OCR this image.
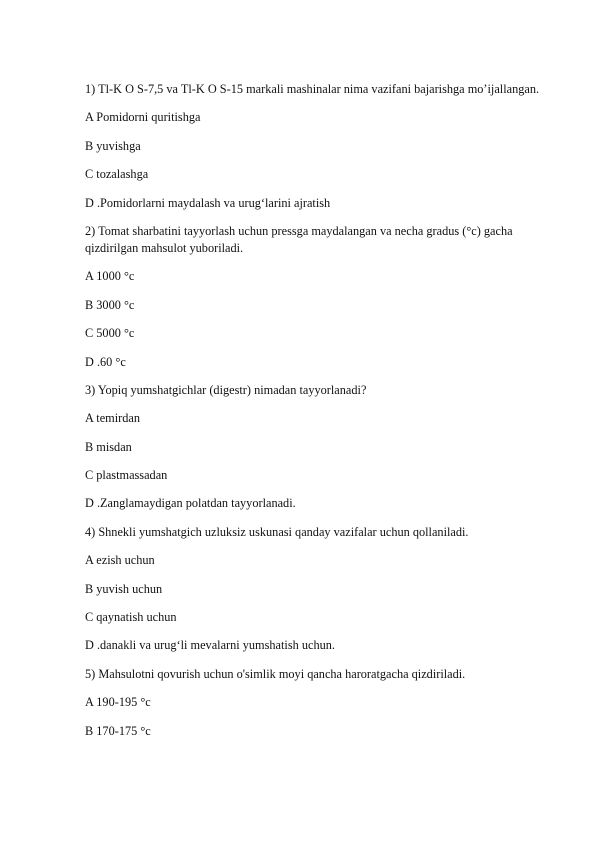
1) Tl-K O S-7,5 va Tl-K O S-15 markali mashinalar nima vazifani bajarishga mo’ijallangan.
A Pomidorni quritishga
B yuvishga
C tozalashga
D .Pomidorlarni maydalash va urug‘larini ajratish
2) Tomat sharbatini tayyorlash uchun pressga maydalangan va necha gradus (°c) gacha qizdirilgan mahsulot yuboriladi.
A 1000 °c
B 3000 °c
C 5000 °c
D .60 °c
3) Yopiq yumshatgichlar (digestr) nimadan tayyorlanadi?
A temirdan
B misdan
C plastmassadan
D .Zanglamaydigan polatdan tayyorlanadi.
4) Shnekli yumshatgich uzluksiz uskunasi qanday vazifalar uchun qollaniladi.
A ezish uchun
B yuvish uchun
C qaynatish uchun
D .danakli va urug‘li mevalarni yumshatish uchun.
5) Mahsulotni qovurish uchun o'simlik moyi qancha haroratgacha qizdiriladi.
A 190-195 °c
B 170-175 °c
